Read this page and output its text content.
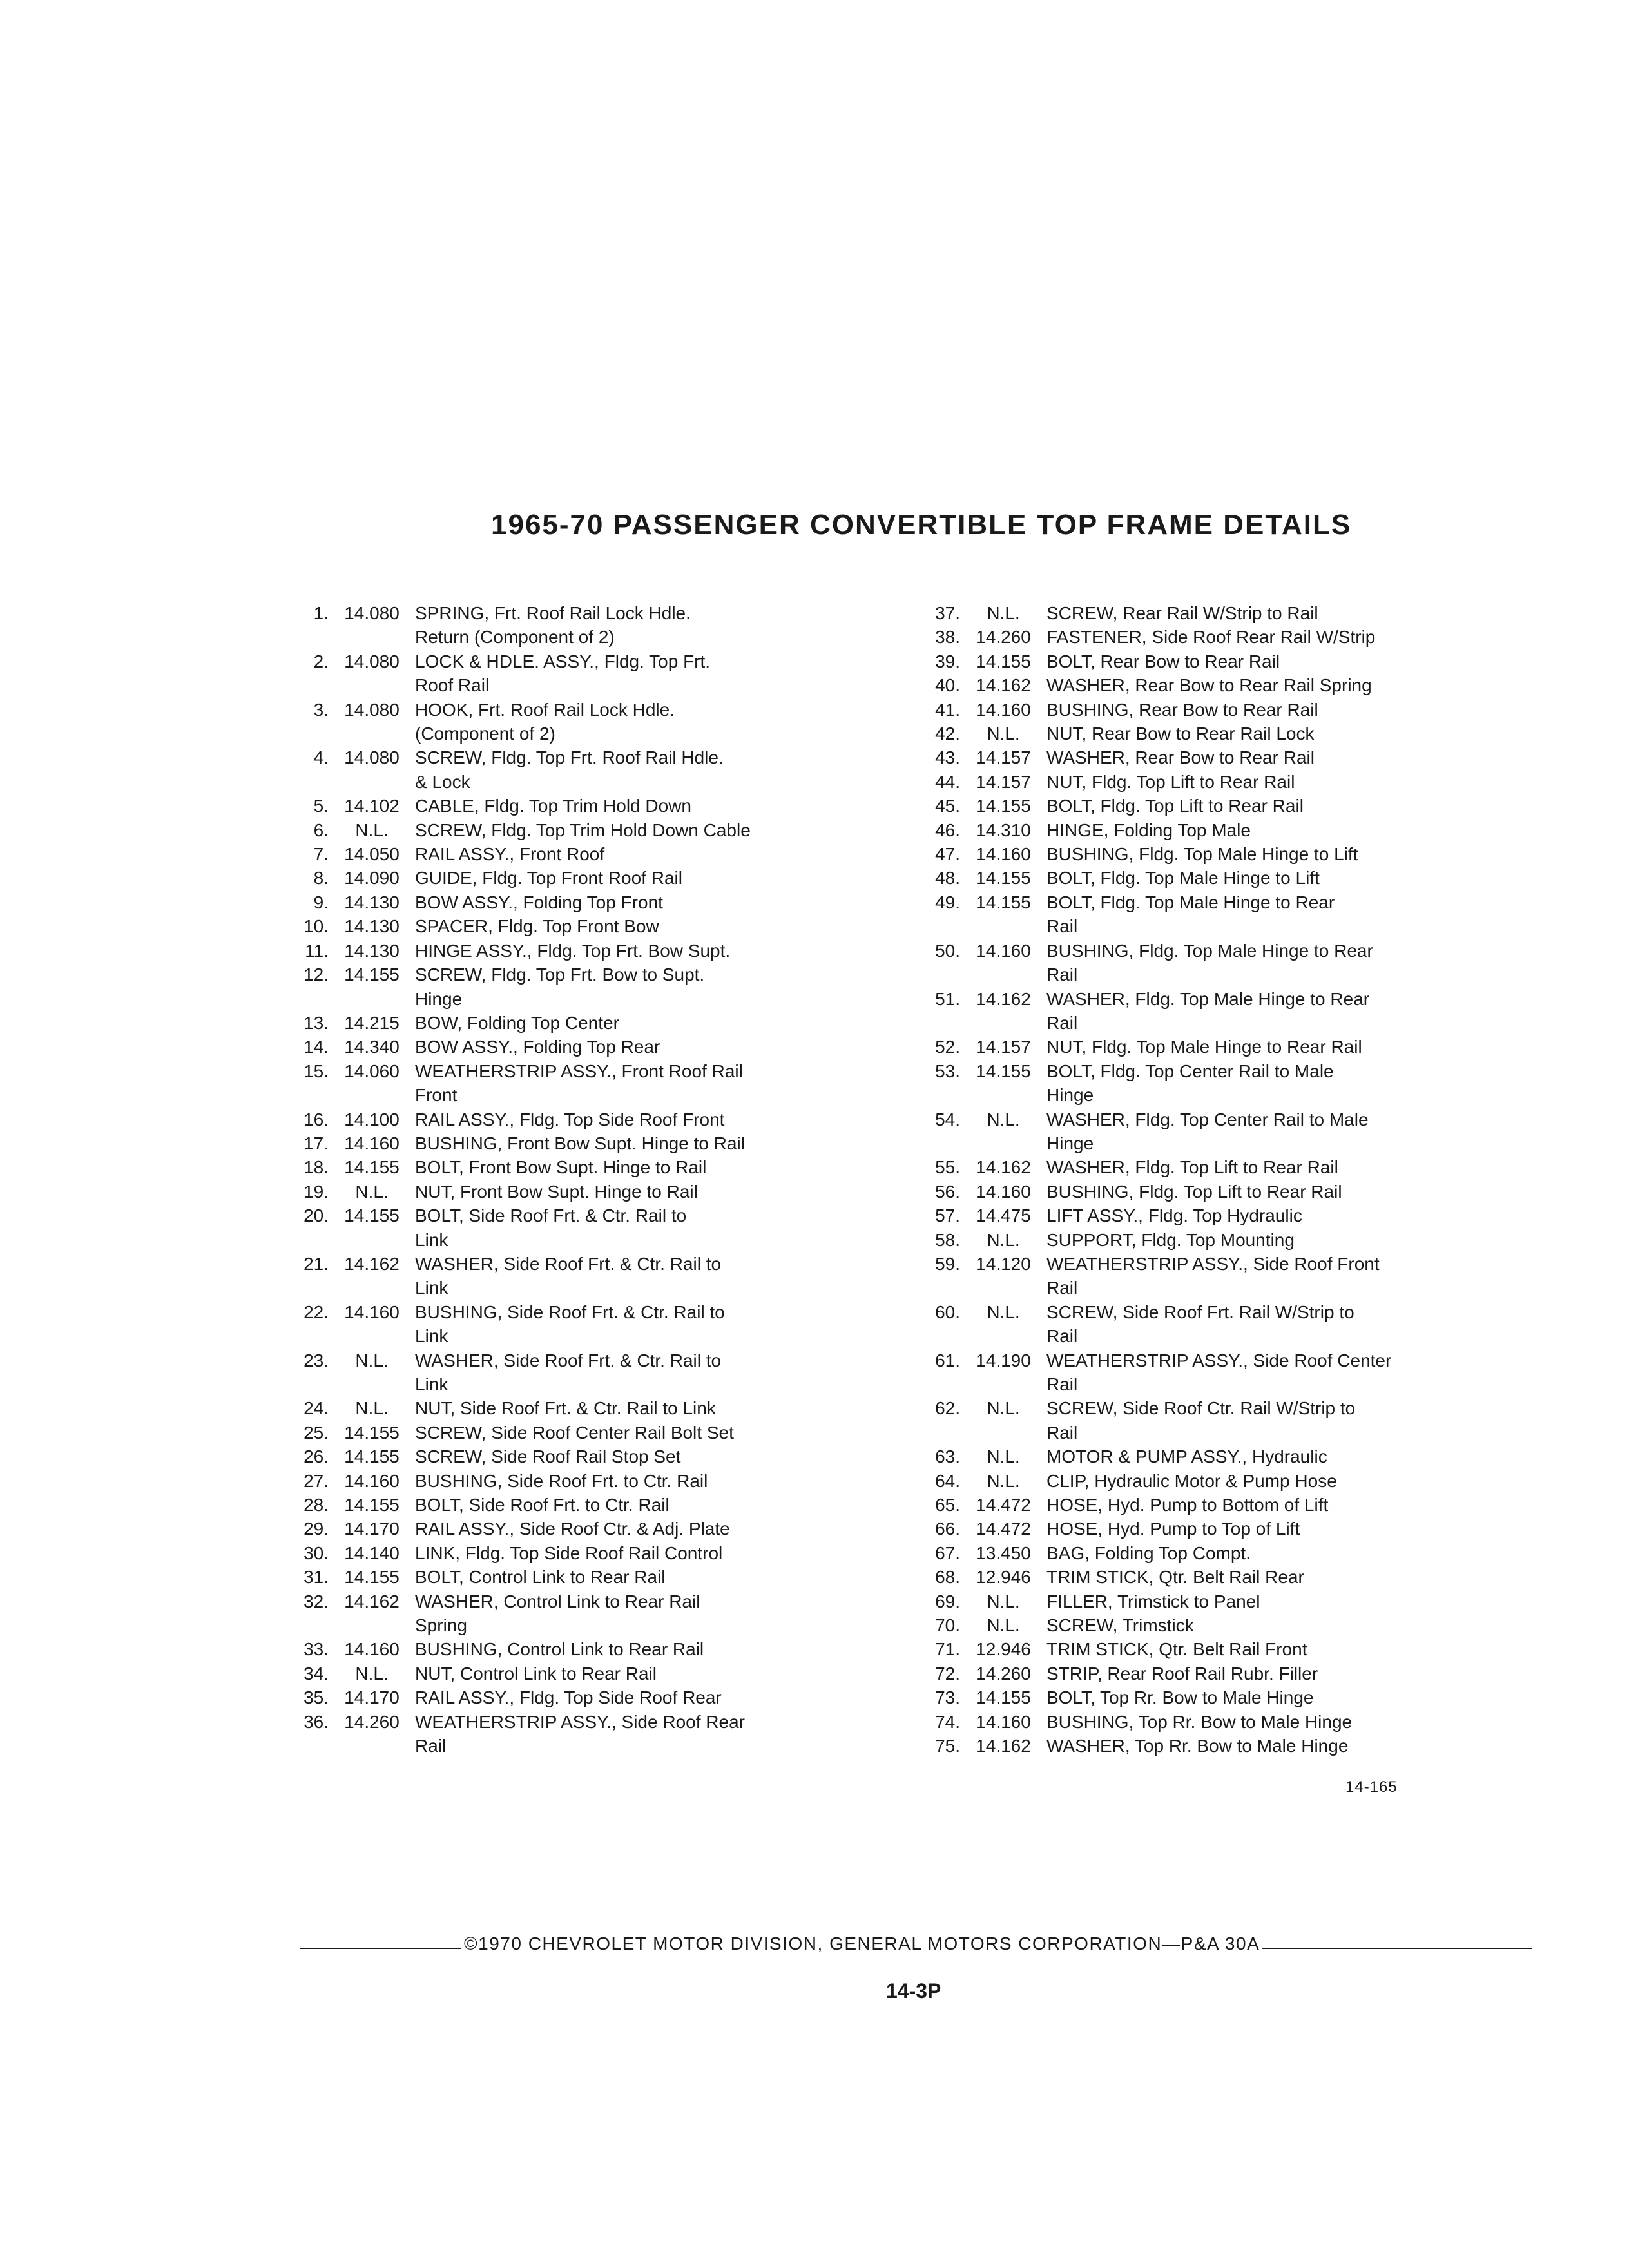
1965-70 PASSENGER CONVERTIBLE TOP FRAME DETAILS
1. 14.080 SPRING, Frt. Roof Rail Lock Hdle.
Return (Component of 2)
2. 14.080 LOCK & HDLE. ASSY., Fldg. Top Frt.
Roof Rail
3. 14.080 HOOK, Frt. Roof Rail Lock Hdle.
(Component of 2)
4. 14.080 SCREW, Fldg. Top Frt. Roof Rail Hdle.
& Lock
5. 14.102 CABLE, Fldg. Top Trim Hold Down
6.	N.L.	SCREW, Fldg. Top Trim Hold Down Cable
7. 14.050 RAIL ASSY., Front Roof
8. 14.090 GUIDE, Fldg. Top Front Roof Rail
9. 14.130 BOW ASSY., Folding Top Front
10. 14.130 SPACER, Fldg. Top Front Bow
11. 14.130 HINGE ASSY., Fldg. Top Frt. Bow Supt.
12. 14.155 SCREW, Fldg. Top Frt. Bow to Supt.
Hinge
13. 14.215 BOW, Folding Top Center
14. 14.340 BOW ASSY., Folding Top Rear
15. 14.060 WEATHERSTRIP ASSY., Front Roof Rail
Front
16. 14.100 RAIL ASSY., Fldg. Top Side Roof Front
17. 14.160 BUSHING, Front Bow Supt. Hinge to Rail
18. 14.155 BOLT, Front Bow Supt. Hinge to Rail
19.	N.L.	NUT, Front Bow Supt. Hinge to Rail
20. 14.155 BOLT, Side Roof Frt. & Ctr. Rail to
Link
21. 14.162 WASHER, Side Roof Frt. & Ctr. Rail to
Link
22. 14.160 BUSHING, Side Roof Frt. & Ctr. Rail to
Link
23.	N.L.	WASHER, Side Roof Frt. & Ctr. Rail to
Link
24.	N.L.	NUT, Side Roof Frt. & Ctr. Rail to Link
25. 14.155 SCREW, Side Roof Center Rail Bolt Set
26. 14.155 SCREW, Side Roof Rail Stop Set
27. 14.160 BUSHING, Side Roof Frt. to Ctr. Rail
28. 14.155 BOLT, Side Roof Frt. to Ctr. Rail
29. 14.170 RAIL ASSY., Side Roof Ctr. & Adj. Plate
30. 14.140 LINK, Fldg. Top Side Roof Rail Control
31. 14.155 BOLT, Control Link to Rear Rail
32. 14.162 WASHER, Control Link to Rear Rail
Spring
33. 14.160 BUSHING, Control Link to Rear Rail
34.	N.L.	NUT, Control Link to Rear Rail
35. 14.170 RAIL ASSY., Fldg. Top Side Roof Rear
36. 14.260 WEATHERSTRIP ASSY., Side Roof Rear
Rail
37.	N.L.	SCREW, Rear Rail W/Strip to Rail
38. 14.260 FASTENER, Side Roof Rear Rail W/Strip
39. 14.155 BOLT, Rear Bow to Rear Rail
40. 14.162 WASHER, Rear Bow to Rear Rail Spring
41. 14.160 BUSHING, Rear Bow to Rear Rail
42.	N.L.	NUT, Rear Bow to Rear Rail Lock
43. 14.157 WASHER, Rear Bow to Rear Rail
44. 14.157 NUT, Fldg. Top Lift to Rear Rail
45. 14.155 BOLT, Fldg. Top Lift to Rear Rail
46. 14.310 HINGE, Folding Top Male
47. 14.160 BUSHING, Fldg. Top Male Hinge to Lift
48. 14.155 BOLT, Fldg. Top Male Hinge to Lift
49. 14.155 BOLT, Fldg. Top Male Hinge to Rear
Rail
50. 14.160 BUSHING, Fldg. Top Male Hinge to Rear
Rail
51. 14.162 WASHER, Fldg. Top Male Hinge to Rear
Rail
52. 14.157 NUT, Fldg. Top Male Hinge to Rear Rail
53. 14.155 BOLT, Fldg. Top Center Rail to Male
Hinge
54.	N.L.	WASHER, Fldg. Top Center Rail to Male
Hinge
55. 14.162 WASHER, Fldg. Top Lift to Rear Rail
56. 14.160 BUSHING, Fldg. Top Lift to Rear Rail
57. 14.475 LIFT ASSY., Fldg. Top Hydraulic
58.	N.L.	SUPPORT, Fldg. Top Mounting
59. 14.120 WEATHERSTRIP ASSY., Side Roof Front
Rail
60.	N.L.	SCREW, Side Roof Frt. Rail W/Strip to
Rail
61. 14.190 WEATHERSTRIP ASSY., Side Roof Center
Rail
62.	N.L.	SCREW, Side Roof Ctr. Rail W/Strip to
Rail
63.	N.L.	MOTOR & PUMP ASSY., Hydraulic
64.	N.L.	CLIP, Hydraulic Motor & Pump Hose
65. 14.472 HOSE, Hyd. Pump to Bottom of Lift
66. 14.472 HOSE, Hyd. Pump to Top of Lift
67. 13.450 BAG, Folding Top Compt.
68. 12.946 TRIM STICK, Qtr. Belt Rail Rear
69.	N.L.	FILLER, Trimstick to Panel
70.	N.L.	SCREW, Trimstick
71. 12.946 TRIM STICK, Qtr. Belt Rail Front
72. 14.260 STRIP, Rear Roof Rail Rubr. Filler
73. 14.155 BOLT, Top Rr. Bow to Male Hinge
74. 14.160 BUSHING, Top Rr. Bow to Male Hinge
75. 14.162 WASHER, Top Rr. Bow to Male Hinge
14-165
©1970 CHEVROLET MOTOR DIVISION, GENERAL MOTORS CORPORATION—P&A 30A
14-3P
